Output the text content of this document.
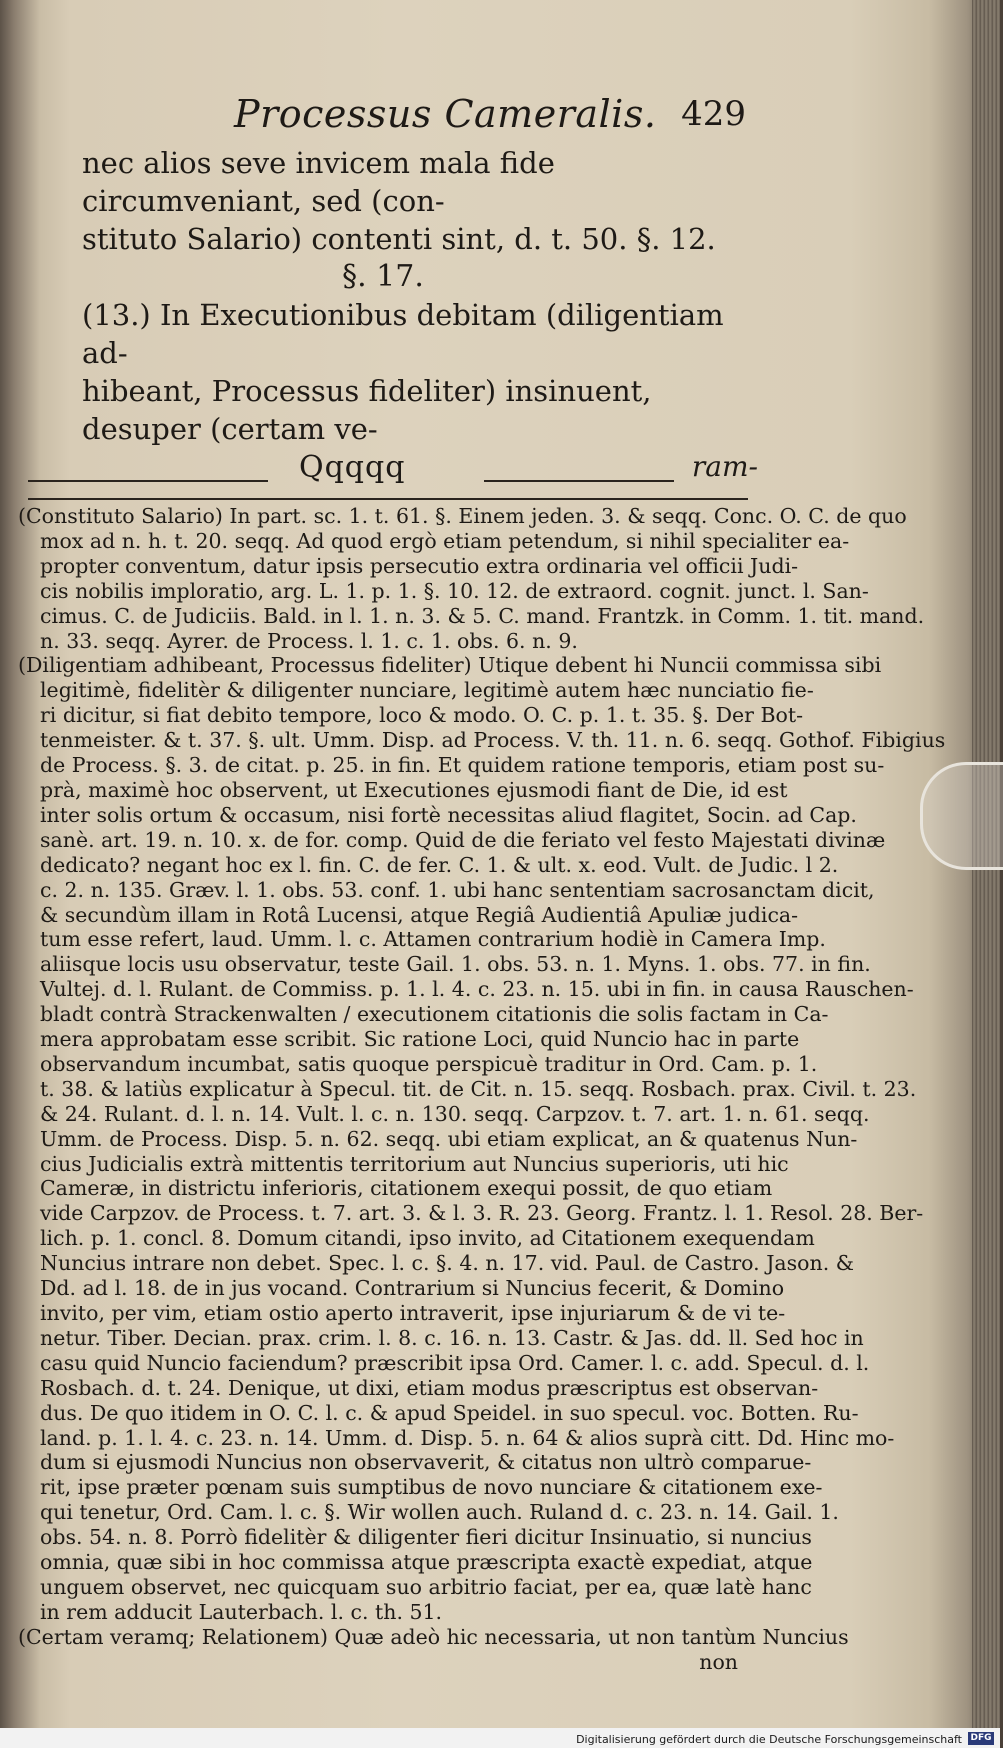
Processus Cameralis. 429

nec alios seve invicem mala fide circumveniant, sed (con-

stituto Salario) contenti sint, d. t. 50. §. 12.

§. 17.

(13.) In Executionibus debitam (diligentiam ad-

hibeant, Processus fideliter) insinuent, desuper (certam ve-

Qqqqq	ram-
(Constituto Salario) In part. sc. 1. t. 61. §. Einem jeden. 3. & seqq. Conc. O. C. de quo
mox ad n. h. t. 20. seqq. Ad quod ergò etiam petendum, si nihil specialiter ea-
propter conventum, datur ipsis persecutio extra ordinaria vel officii Judi-
cis nobilis imploratio, arg. L. 1. p. 1. §. 10. 12. de extraord. cognit. junct. l. San-
cimus. C. de Judiciis. Bald. in l. 1. n. 3. & 5. C. mand. Frantzk. in Comm. 1. tit. mand.
n. 33. seqq. Ayrer. de Process. l. 1. c. 1. obs. 6. n. 9.
(Diligentiam adhibeant, Processus fideliter) Utique debent hi Nuncii commissa sibi
legitimè, fidelitèr & diligenter nunciare, legitimè autem hæc nunciatio fie-
ri dicitur, si fiat debito tempore, loco & modo. O. C. p. 1. t. 35. §. Der Bot-
tenmeister. & t. 37. §. ult. Umm. Disp. ad Process. V. th. 11. n. 6. seqq. Gothof. Fibigius
de Process. §. 3. de citat. p. 25. in fin. Et quidem ratione temporis, etiam post su-
prà, maximè hoc observent, ut Executiones ejusmodi fiant de Die, id est
inter solis ortum & occasum, nisi fortè necessitas aliud flagitet, Socin. ad Cap.
sanè. art. 19. n. 10. x. de for. comp. Quid de die feriato vel festo Majestati divinæ
dedicato? negant hoc ex l. fin. C. de fer. C. 1. & ult. x. eod. Vult. de Judic. l 2.
c. 2. n. 135. Græv. l. 1. obs. 53. conf. 1. ubi hanc sententiam sacrosanctam dicit,
& secundùm illam in Rotâ Lucensi, atque Regiâ Audientiâ Apuliæ judica-
tum esse refert, laud. Umm. l. c. Attamen contrarium hodiè in Camera Imp.
aliisque locis usu observatur, teste Gail. 1. obs. 53. n. 1. Myns. 1. obs. 77. in fin.
Vultej. d. l. Rulant. de Commiss. p. 1. l. 4. c. 23. n. 15. ubi in fin. in causa Rauschen-
bladt contrà Strackenwalten / executionem citationis die solis factam in Ca-
mera approbatam esse scribit. Sic ratione Loci, quid Nuncio hac in parte
observandum incumbat, satis quoque perspicuè traditur in Ord. Cam. p. 1.
t. 38. & latiùs explicatur à Specul. tit. de Cit. n. 15. seqq. Rosbach. prax. Civil. t. 23.
& 24. Rulant. d. l. n. 14. Vult. l. c. n. 130. seqq. Carpzov. t. 7. art. 1. n. 61. seqq.
Umm. de Process. Disp. 5. n. 62. seqq. ubi etiam explicat, an & quatenus Nun-
cius Judicialis extrà mittentis territorium aut Nuncius superioris, uti hic
Cameræ, in districtu inferioris, citationem exequi possit, de quo etiam
vide Carpzov. de Process. t. 7. art. 3. & l. 3. R. 23. Georg. Frantz. l. 1. Resol. 28. Ber-
lich. p. 1. concl. 8. Domum citandi, ipso invito, ad Citationem exequendam
Nuncius intrare non debet. Spec. l. c. §. 4. n. 17. vid. Paul. de Castro. Jason. &
Dd. ad l. 18. de in jus vocand. Contrarium si Nuncius fecerit, & Domino
invito, per vim, etiam ostio aperto intraverit, ipse injuriarum & de vi te-
netur. Tiber. Decian. prax. crim. l. 8. c. 16. n. 13. Castr. & Jas. dd. ll. Sed hoc in
casu quid Nuncio faciendum? præscribit ipsa Ord. Camer. l. c. add. Specul. d. l.
Rosbach. d. t. 24. Denique, ut dixi, etiam modus præscriptus est observan-
dus. De quo itidem in O. C. l. c. & apud Speidel. in suo specul. voc. Botten. Ru-
land. p. 1. l. 4. c. 23. n. 14. Umm. d. Disp. 5. n. 64 & alios suprà citt. Dd. Hinc mo-
dum si ejusmodi Nuncius non observaverit, & citatus non ultrò comparue-
rit, ipse præter pœnam suis sumptibus de novo nunciare & citationem exe-
qui tenetur, Ord. Cam. l. c. §. Wir wollen auch. Ruland d. c. 23. n. 14. Gail. 1.
obs. 54. n. 8. Porrò fidelitèr & diligenter fieri dicitur Insinuatio, si nuncius
omnia, quæ sibi in hoc commissa atque præscripta exactè expediat, atque
unguem observet, nec quicquam suo arbitrio faciat, per ea, quæ latè hanc
in rem adducit Lauterbach. l. c. th. 51.
(Certam veramq; Relationem) Quæ adeò hic necessaria, ut non tantùm Nuncius
non
Digitalisierung gefördert durch die Deutsche Forschungsgemeinschaft DFG
